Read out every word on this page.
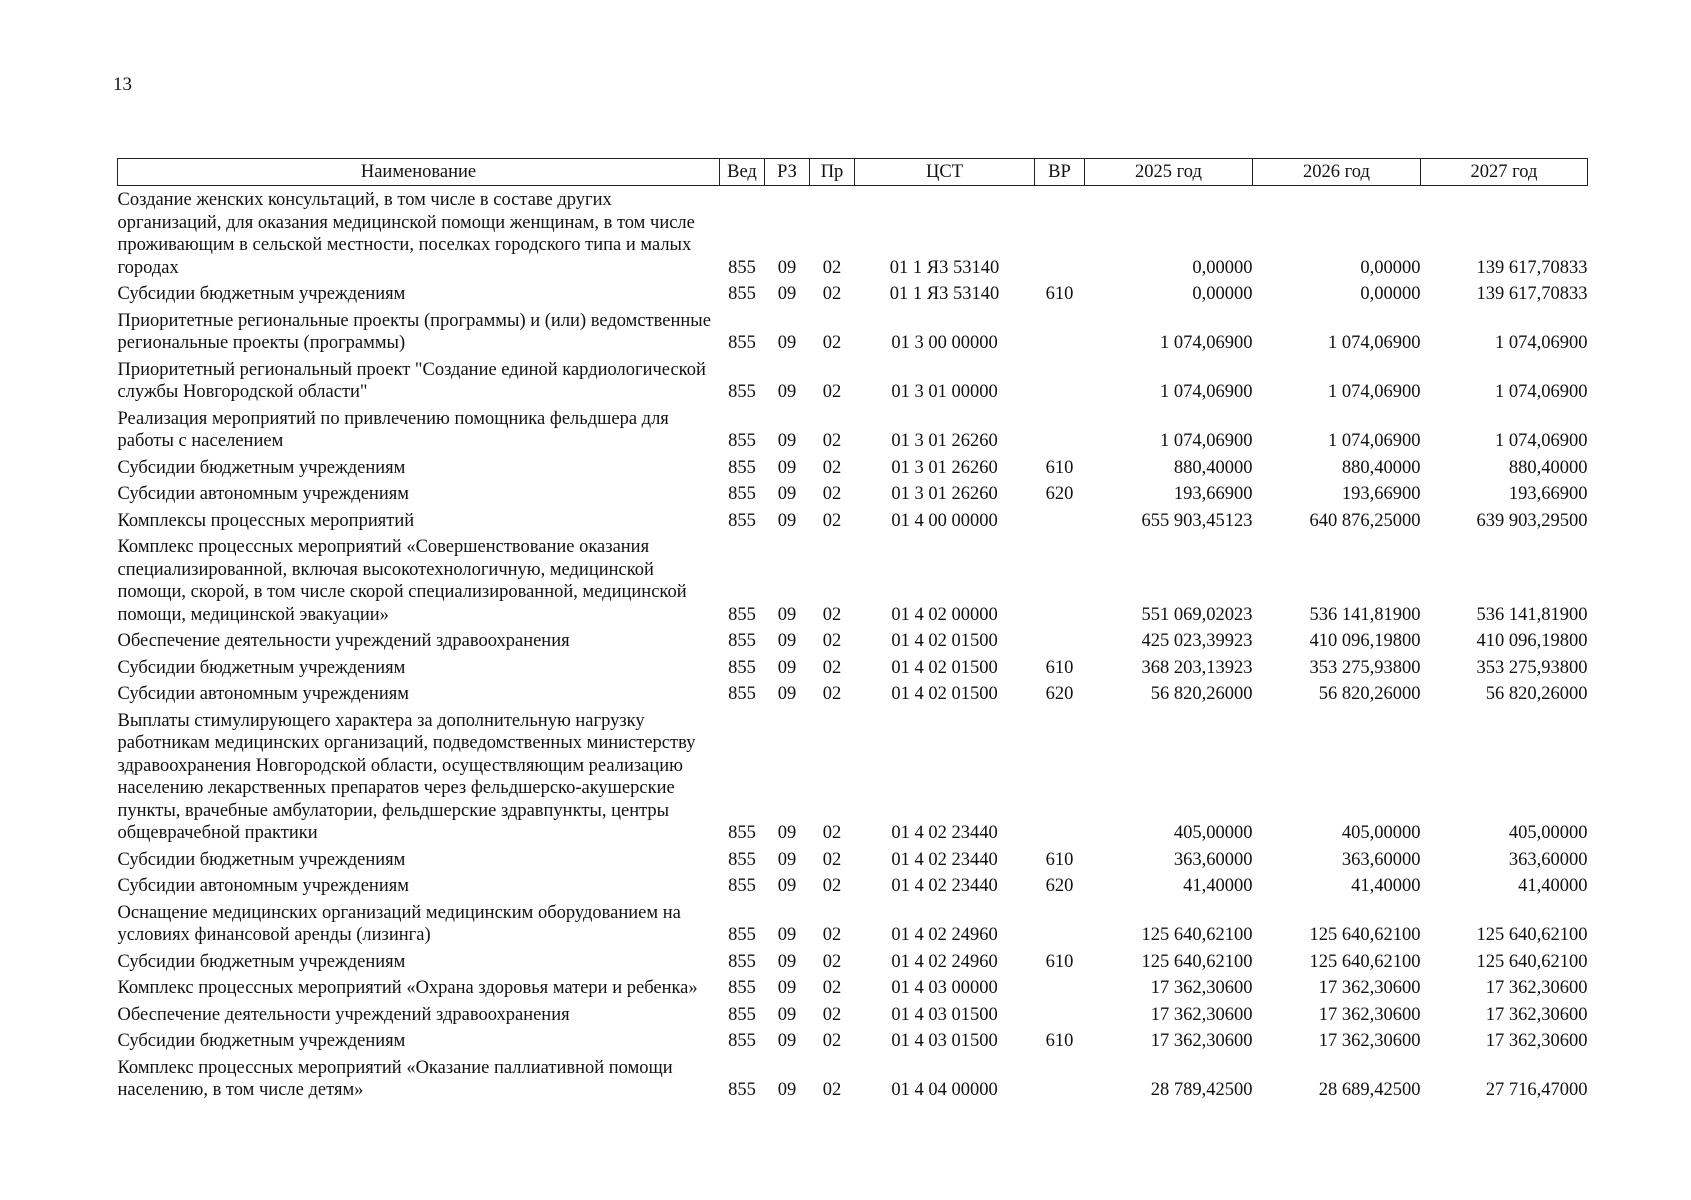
13
Наименование	Вед	РЗ	Пр	ЦСТ	ВР	2025 год	2026 год	2027 год
Создание женских консультаций, в том числе в составе других организаций, для оказания медицинской помощи женщинам, в том числе проживающим в сельской местности, поселках городского типа и малых городах	855	09	02	01 1 Я3 53140		0,00000	0,00000	139 617,70833
Субсидии бюджетным учреждениям	855	09	02	01 1 Я3 53140	610	0,00000	0,00000	139 617,70833
Приоритетные региональные проекты (программы) и (или) ведомственные региональные проекты (программы)	855	09	02	01 3 00 00000		1 074,06900	1 074,06900	1 074,06900
Приоритетный региональный проект "Создание единой кардиологической службы Новгородской области"	855	09	02	01 3 01 00000		1 074,06900	1 074,06900	1 074,06900
Реализация мероприятий по привлечению помощника фельдшера для работы с населением	855	09	02	01 3 01 26260		1 074,06900	1 074,06900	1 074,06900
Субсидии бюджетным учреждениям	855	09	02	01 3 01 26260	610	880,40000	880,40000	880,40000
Субсидии автономным учреждениям	855	09	02	01 3 01 26260	620	193,66900	193,66900	193,66900
Комплексы процессных мероприятий	855	09	02	01 4 00 00000		655 903,45123	640 876,25000	639 903,29500
Комплекс процессных мероприятий «Совершенствование оказания специализированной, включая высокотехнологичную, медицинской помощи, скорой, в том числе скорой специализированной, медицинской помощи, медицинской эвакуации»	855	09	02	01 4 02 00000		551 069,02023	536 141,81900	536 141,81900
Обеспечение деятельности учреждений здравоохранения	855	09	02	01 4 02 01500		425 023,39923	410 096,19800	410 096,19800
Субсидии бюджетным учреждениям	855	09	02	01 4 02 01500	610	368 203,13923	353 275,93800	353 275,93800
Субсидии автономным учреждениям	855	09	02	01 4 02 01500	620	56 820,26000	56 820,26000	56 820,26000
Выплаты стимулирующего характера за дополнительную нагрузку работникам медицинских организаций, подведомственных министерству здравоохранения Новгородской области, осуществляющим реализацию населению лекарственных препаратов через фельдшерско-акушерские пункты, врачебные амбулатории, фельдшерские здравпункты, центры общеврачебной практики	855	09	02	01 4 02 23440		405,00000	405,00000	405,00000
Субсидии бюджетным учреждениям	855	09	02	01 4 02 23440	610	363,60000	363,60000	363,60000
Субсидии автономным учреждениям	855	09	02	01 4 02 23440	620	41,40000	41,40000	41,40000
Оснащение медицинских организаций медицинским оборудованием на условиях финансовой аренды (лизинга)	855	09	02	01 4 02 24960		125 640,62100	125 640,62100	125 640,62100
Субсидии бюджетным учреждениям	855	09	02	01 4 02 24960	610	125 640,62100	125 640,62100	125 640,62100
Комплекс процессных мероприятий «Охрана здоровья матери и ребенка»	855	09	02	01 4 03 00000		17 362,30600	17 362,30600	17 362,30600
Обеспечение деятельности учреждений здравоохранения	855	09	02	01 4 03 01500		17 362,30600	17 362,30600	17 362,30600
Субсидии бюджетным учреждениям	855	09	02	01 4 03 01500	610	17 362,30600	17 362,30600	17 362,30600
Комплекс процессных мероприятий «Оказание паллиативной помощи населению, в том числе детям»	855	09	02	01 4 04 00000		28 789,42500	28 689,42500	27 716,47000
